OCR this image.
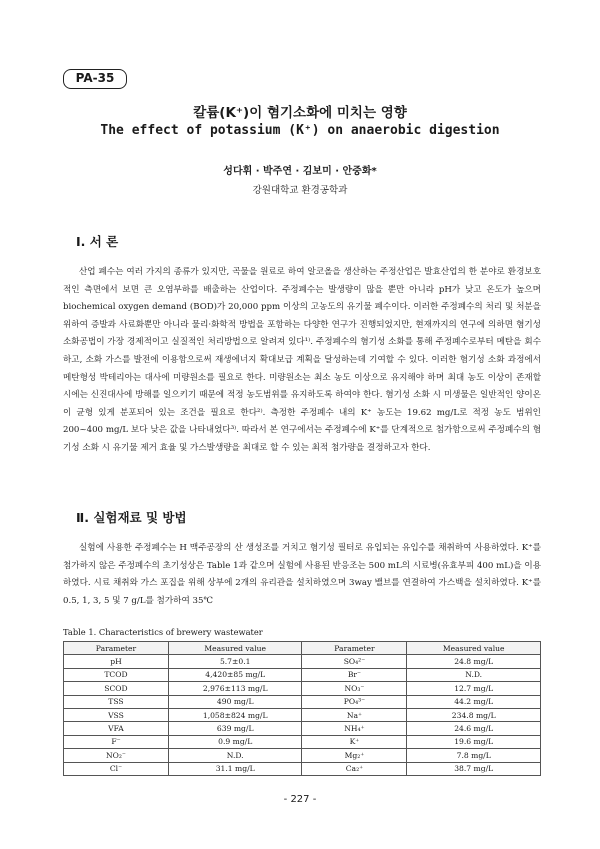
PA-35
칼륨(K⁺)이 혐기소화에 미치는 영향
The effect of potassium (K⁺) on anaerobic digestion
성다휘 · 박주연 · 김보미 · 안중화*
강원대학교 환경공학과
Ⅰ. 서 론

산업 폐수는 여러 가지의 종류가 있지만, 곡물을 원료로 하여 알코올을 생산하는 주정산업은 발효산업의 한 분야로 환경보호적인 측면에서 보면 큰 오염부하를 배출하는 산업이다. 주정폐수는 발생량이 많을 뿐만 아니라 pH가 낮고 온도가 높으며 biochemical oxygen demand (BOD)가 20,000 ppm 이상의 고농도의 유기물 폐수이다. 이러한 주정폐수의 처리 및 처분을 위하여 증발과 사료화뿐만 아니라 물리·화학적 방법을 포함하는 다양한 연구가 진행되었지만, 현재까지의 연구에 의하면 혐기성 소화공법이 가장 경제적이고 실질적인 처리방법으로 알려져 있다¹⁾. 주정폐수의 혐기성 소화를 통해 주정폐수로부터 메탄을 회수하고, 소화 가스를 발전에 이용함으로써 재생에너지 확대보급 계획을 달성하는데 기여할 수 있다. 이러한 혐기성 소화 과정에서 메탄형성 박테리아는 대사에 미량원소를 필요로 한다. 미량원소는 최소 농도 이상으로 유지해야 하며 최대 농도 이상이 존재할 시에는 신진대사에 방해를 일으키기 때문에 적정 농도범위를 유지하도록 하여야 한다. 혐기성 소화 시 미생물은 일반적인 양이온이 균형 있게 분포되어 있는 조건을 필요로 한다²⁾. 측정한 주정폐수 내의 K⁺ 농도는 19.62 mg/L로 적정 농도 범위인 200~400 mg/L 보다 낮은 값을 나타내었다³⁾. 따라서 본 연구에서는 주정폐수에 K⁺를 단계적으로 첨가함으로써 주정폐수의 혐기성 소화 시 유기물 제거 효율 및 가스발생량을 최대로 할 수 있는 최적 첨가량을 결정하고자 한다.

Ⅱ. 실험재료 및 방법

실험에 사용한 주정폐수는 H 맥주공장의 산 생성조를 거치고 혐기성 필터로 유입되는 유입수를 채취하여 사용하였다. K⁺를 첨가하지 않은 주정폐수의 초기성상은 Table 1과 같으며 실험에 사용된 반응조는 500 mL의 시료병(유효부피 400 mL)을 이용하였다. 시료 채취와 가스 포집을 위해 상부에 2개의 유리관을 설치하였으며 3way 밸브를 연결하여 가스백을 설치하였다. K⁺를 0.5, 1, 3, 5 및 7 g/L를 첨가하여 35℃

Table 1. Characteristics of brewery wastewater
Parameter	Measured value	Parameter	Measured value
pH	5.7±0.1	SO₄²⁻	24.8 mg/L
TCOD	4,420±85 mg/L	Br⁻	N.D.
SCOD	2,976±113 mg/L	NO₃⁻	12.7 mg/L
TSS	490 mg/L	PO₄³⁻	44.2 mg/L
VSS	1,058±824 mg/L	Na⁺	234.8 mg/L
VFA	639 mg/L	NH₄⁺	24.6 mg/L
F⁻	0.9 mg/L	K⁺	19.6 mg/L
NO₂⁻	N.D.	Mg₂⁺	7.8 mg/L
Cl⁻	31.1 mg/L	Ca₂⁺	38.7 mg/L
- 227 -
